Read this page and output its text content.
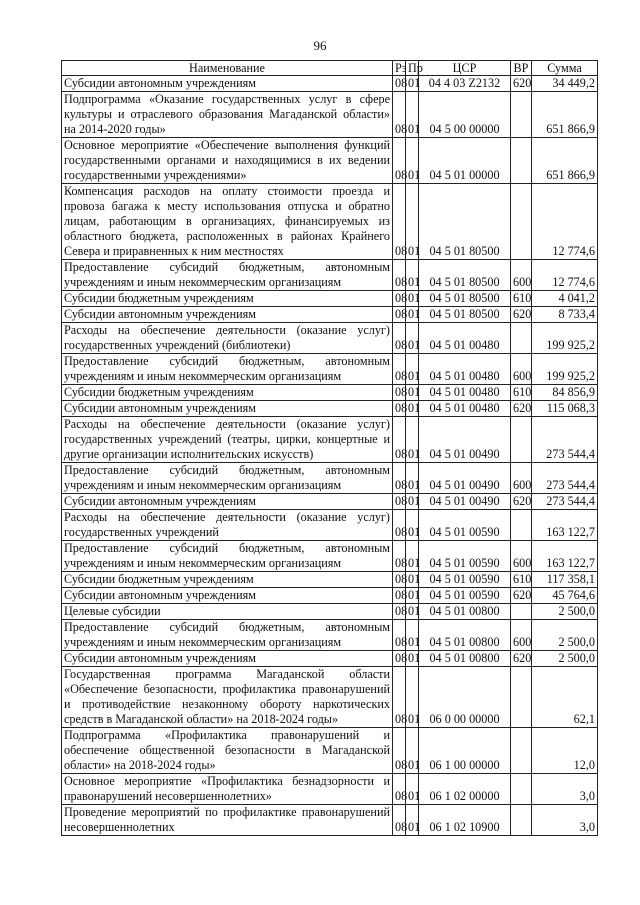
96
Наименование	Рз	Пр	ЦСР	ВР	Сумма
Субсидии автономным учреждениям	08	01	04 4 03 Z2132	620	34 449,2
Подпрограмма «Оказание государственных услуг в сфере культуры и отраслевого образования Магаданской области» на 2014-2020 годы»	08	01	04 5 00 00000		651 866,9
Основное мероприятие «Обеспечение выполнения функций государственными органами и находящимися в их ведении государственными учреждениями»	08	01	04 5 01 00000		651 866,9
Компенсация расходов на оплату стоимости проезда и провоза багажа к месту использования отпуска и обратно лицам, работающим в организациях, финансируемых из областного бюджета, расположенных в районах Крайнего Севера и приравненных к ним местностях	08	01	04 5 01 80500		12 774,6
Предоставление субсидий бюджетным, автономным учреждениям и иным некоммерческим организациям	08	01	04 5 01 80500	600	12 774,6
Субсидии бюджетным учреждениям	08	01	04 5 01 80500	610	4 041,2
Субсидии автономным учреждениям	08	01	04 5 01 80500	620	8 733,4
Расходы на обеспечение деятельности (оказание услуг) государственных учреждений (библиотеки)	08	01	04 5 01 00480		199 925,2
Предоставление субсидий бюджетным, автономным учреждениям и иным некоммерческим организациям	08	01	04 5 01 00480	600	199 925,2
Субсидии бюджетным учреждениям	08	01	04 5 01 00480	610	84 856,9
Субсидии автономным учреждениям	08	01	04 5 01 00480	620	115 068,3
Расходы на обеспечение деятельности (оказание услуг) государственных учреждений (театры, цирки, концертные и другие организации исполнительских искусств)	08	01	04 5 01 00490		273 544,4
Предоставление субсидий бюджетным, автономным учреждениям и иным некоммерческим организациям	08	01	04 5 01 00490	600	273 544,4
Субсидии автономным учреждениям	08	01	04 5 01 00490	620	273 544,4
Расходы на обеспечение деятельности (оказание услуг) государственных учреждений	08	01	04 5 01 00590		163 122,7
Предоставление субсидий бюджетным, автономным учреждениям и иным некоммерческим организациям	08	01	04 5 01 00590	600	163 122,7
Субсидии бюджетным учреждениям	08	01	04 5 01 00590	610	117 358,1
Субсидии автономным учреждениям	08	01	04 5 01 00590	620	45 764,6
Целевые субсидии	08	01	04 5 01 00800		2 500,0
Предоставление субсидий бюджетным, автономным учреждениям и иным некоммерческим организациям	08	01	04 5 01 00800	600	2 500,0
Субсидии автономным учреждениям	08	01	04 5 01 00800	620	2 500,0
Государственная программа Магаданской области «Обеспечение безопасности, профилактика правонарушений и противодействие незаконному обороту наркотических средств в Магаданской области» на 2018-2024 годы»	08	01	06 0 00 00000		62,1
Подпрограмма «Профилактика правонарушений и обеспечение общественной безопасности в Магаданской области» на 2018-2024 годы»	08	01	06 1 00 00000		12,0
Основное мероприятие «Профилактика безнадзорности и правонарушений несовершеннолетних»	08	01	06 1 02 00000		3,0
Проведение мероприятий по профилактике правонарушений несовершеннолетних	08	01	06 1 02 10900		3,0
